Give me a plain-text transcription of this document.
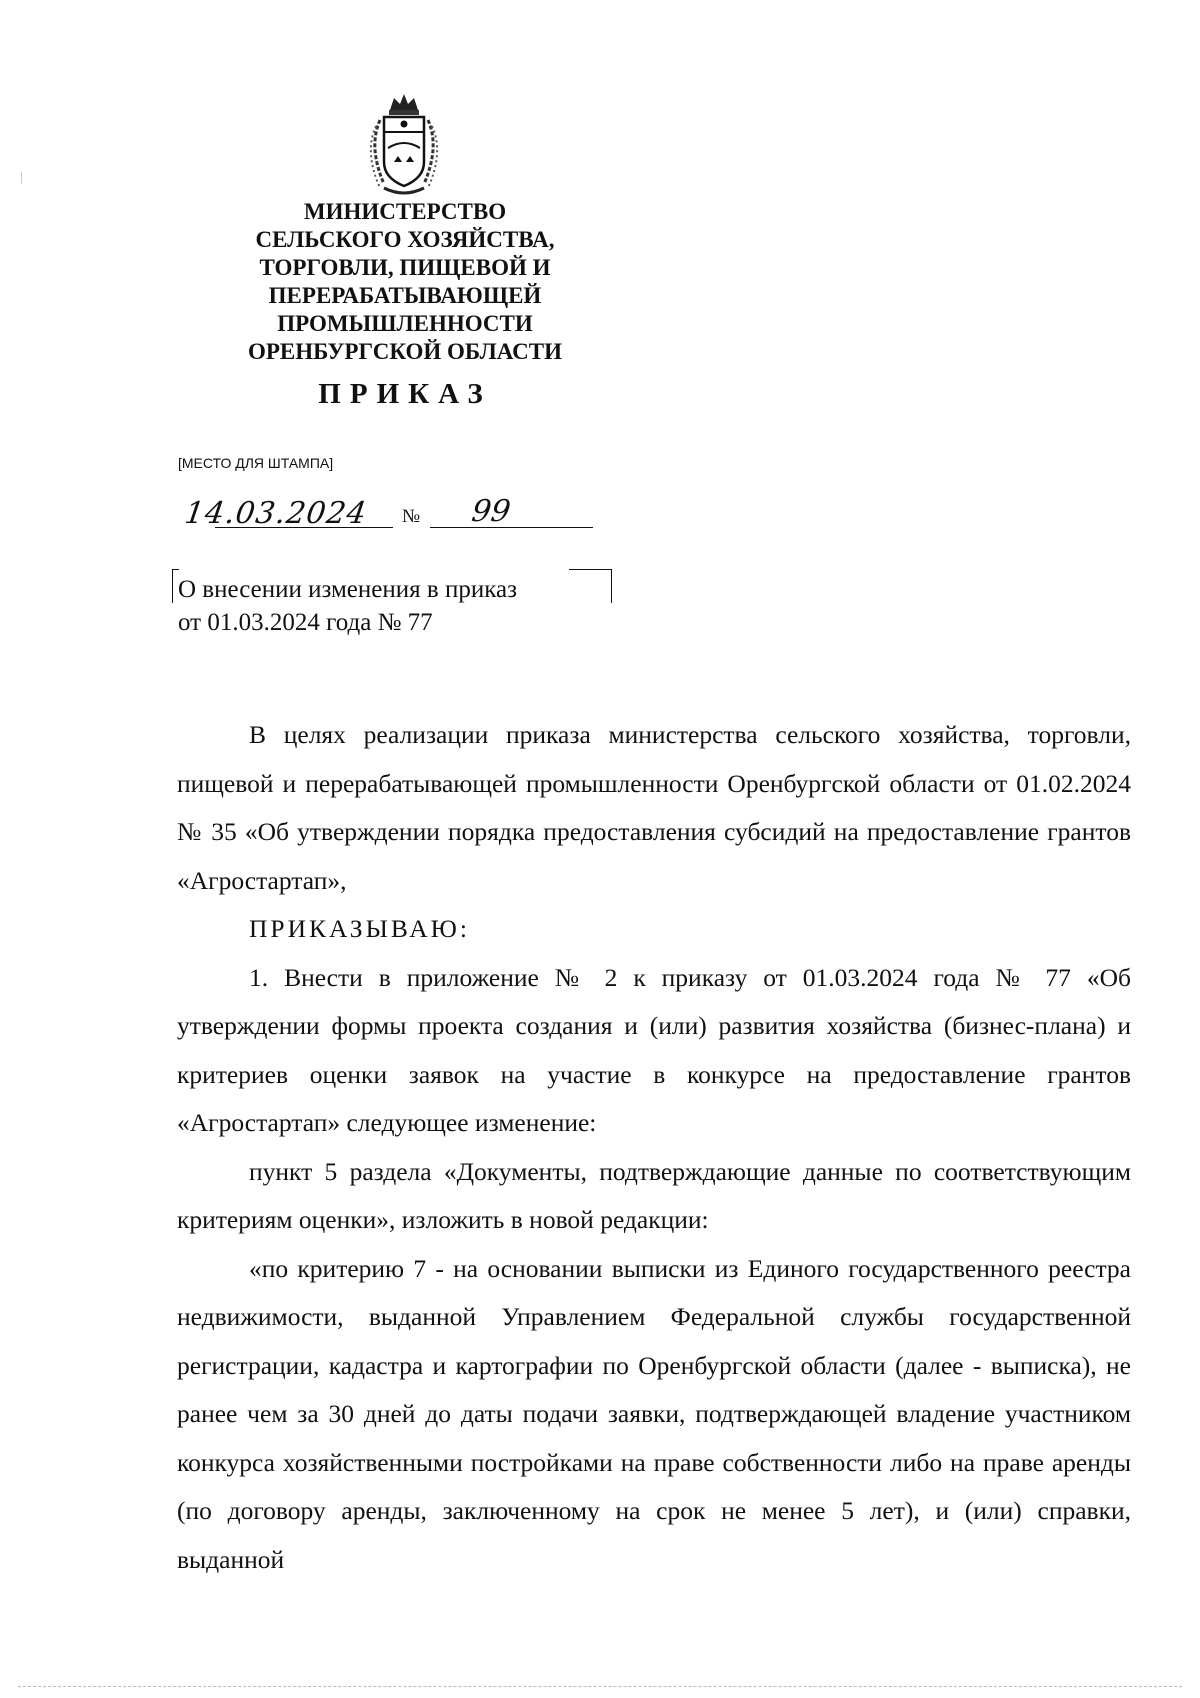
МИНИСТЕРСТВО
СЕЛЬСКОГО ХОЗЯЙСТВА,
ТОРГОВЛИ, ПИЩЕВОЙ И
ПЕРЕРАБАТЫВАЮЩЕЙ
ПРОМЫШЛЕННОСТИ
ОРЕНБУРГСКОЙ ОБЛАСТИ
ПРИКАЗ
[МЕСТО ДЛЯ ШТАМПА]
14.03.2024 № 99
О внесении изменения в приказ
от 01.03.2024 года № 77

В целях реализации приказа министерства сельского хозяйства, торговли, пищевой и перерабатывающей промышленности Оренбургской области от 01.02.2024 № 35 «Об утверждении порядка предоставления субсидий на предоставление грантов «Агростартап»,

ПРИКАЗЫВАЮ:

1. Внести в приложение № 2 к приказу от 01.03.2024 года № 77 «Об утверждении формы проекта создания и (или) развития хозяйства (бизнес-плана) и критериев оценки заявок на участие в конкурсе на предоставление грантов «Агростартап» следующее изменение:

пункт 5 раздела «Документы, подтверждающие данные по соответствующим критериям оценки», изложить в новой редакции:

«по критерию 7 - на основании выписки из Единого государственного реестра недвижимости, выданной Управлением Федеральной службы государственной регистрации, кадастра и картографии по Оренбургской области (далее - выписка), не ранее чем за 30 дней до даты подачи заявки, подтверждающей владение участником конкурса хозяйственными постройками на праве собственности либо на праве аренды (по договору аренды, заключенному на срок не менее 5 лет), и (или) справки, выданной
